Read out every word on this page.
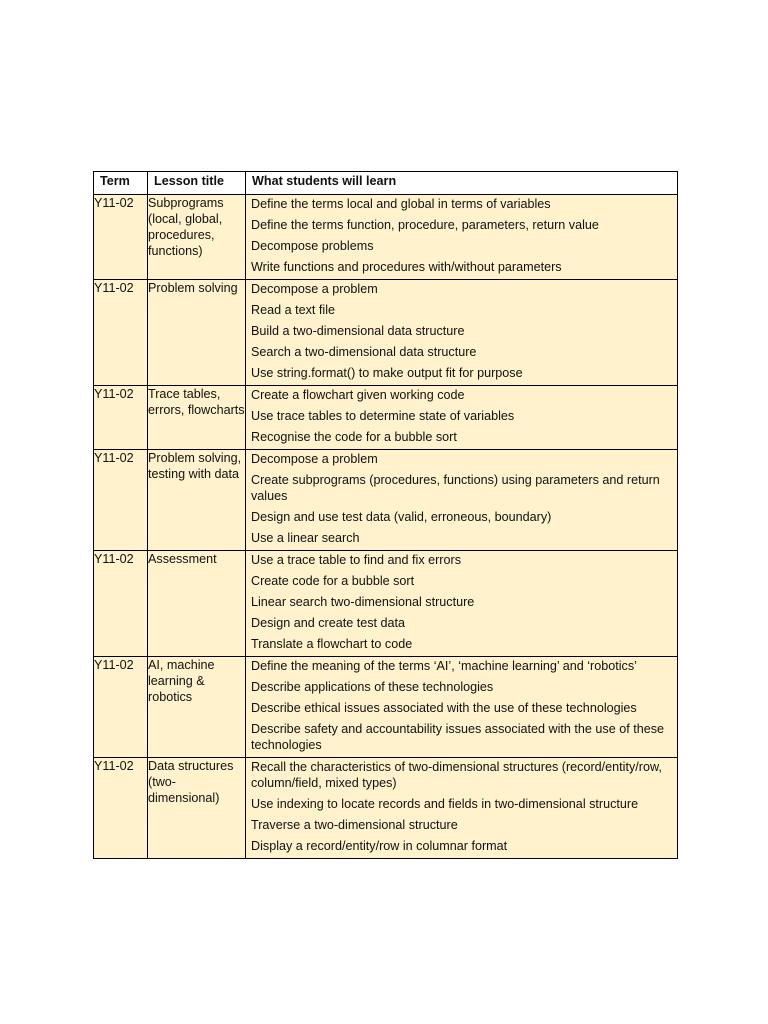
Term	Lesson title	What students will learn
Y11-02	Subprograms (local, global, procedures, functions)	Define the terms local and global in terms of variables
Define the terms function, procedure, parameters, return value
Decompose problems
Write functions and procedures with/without parameters

Y11-02	Problem solving	Decompose a problem
Read a text file
Build a two-dimensional data structure
Search a two-dimensional data structure
Use string.format() to make output fit for purpose

Y11-02	Trace tables, errors, flowcharts	Create a flowchart given working code
Use trace tables to determine state of variables
Recognise the code for a bubble sort

Y11-02	Problem solving, testing with data	Decompose a problem
Create subprograms (procedures, functions) using parameters and return values
Design and use test data (valid, erroneous, boundary)
Use a linear search

Y11-02	Assessment	Use a trace table to find and fix errors
Create code for a bubble sort
Linear search two-dimensional structure
Design and create test data
Translate a flowchart to code

Y11-02	AI, machine learning & robotics	Define the meaning of the terms ‘AI’, ‘machine learning’ and ‘robotics’
Describe applications of these technologies
Describe ethical issues associated with the use of these technologies
Describe safety and accountability issues associated with the use of these technologies

Y11-02	Data structures (two-dimensional)	Recall the characteristics of two-dimensional structures (record/entity/row, column/field, mixed types)
Use indexing to locate records and fields in two-dimensional structure
Traverse a two-dimensional structure
Display a record/entity/row in columnar format
